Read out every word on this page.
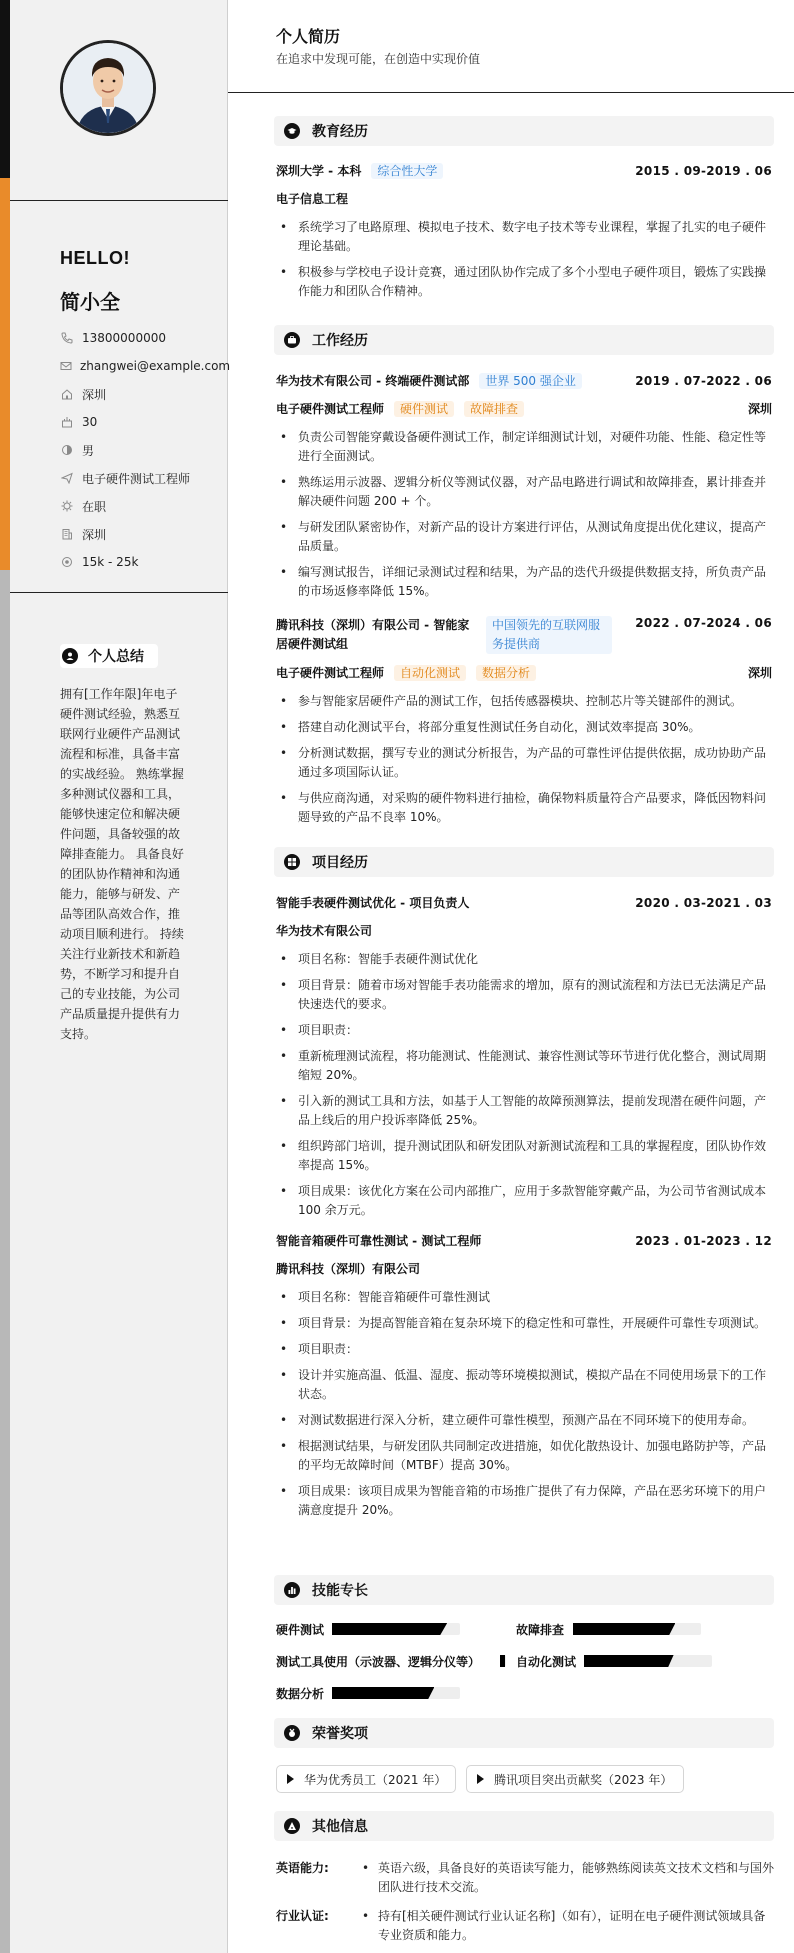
HELLO!
简小全
13800000000
zhangwei@example.com
深圳
30
男
电子硬件测试工程师
在职
深圳
15k - 25k
个人总结
拥有[工作年限]年电子硬件测试经验，熟悉互联网行业硬件产品测试流程和标准，具备丰富的实战经验。 熟练掌握多种测试仪器和工具，能够快速定位和解决硬件问题，具备较强的故障排查能力。 具备良好的团队协作精神和沟通能力，能够与研发、产品等团队高效合作，推动项目顺利进行。 持续关注行业新技术和新趋势，不断学习和提升自己的专业技能，为公司产品质量提升提供有力支持。
个人简历
在追求中发现可能，在创造中实现价值
教育经历
深圳大学 - 本科 综合性大学	2015 . 09-2019 . 06
电子信息工程
• 系统学习了电路原理、模拟电子技术、数字电子技术等专业课程，掌握了扎实的电子硬件理论基础。
• 积极参与学校电子设计竞赛，通过团队协作完成了多个小型电子硬件项目，锻炼了实践操作能力和团队合作精神。
工作经历
华为技术有限公司 - 终端硬件测试部 世界 500 强企业	2019 . 07-2022 . 06
电子硬件测试工程师 硬件测试 故障排查	深圳
• 负责公司智能穿戴设备硬件测试工作，制定详细测试计划，对硬件功能、性能、稳定性等进行全面测试。
• 熟练运用示波器、逻辑分析仪等测试仪器，对产品电路进行调试和故障排查，累计排查并解决硬件问题 200 + 个。
• 与研发团队紧密协作，对新产品的设计方案进行评估，从测试角度提出优化建议，提高产品质量。
• 编写测试报告，详细记录测试过程和结果，为产品的迭代升级提供数据支持，所负责产品的市场返修率降低 15%。
腾讯科技（深圳）有限公司 - 智能家
居硬件测试组
中国领先的互联网服
务提供商
2022 . 07-2024 . 06
电子硬件测试工程师 自动化测试 数据分析	深圳
• 参与智能家居硬件产品的测试工作，包括传感器模块、控制芯片等关键部件的测试。
• 搭建自动化测试平台，将部分重复性测试任务自动化，测试效率提高 30%。
• 分析测试数据，撰写专业的测试分析报告，为产品的可靠性评估提供依据，成功协助产品通过多项国际认证。
• 与供应商沟通，对采购的硬件物料进行抽检，确保物料质量符合产品要求，降低因物料问题导致的产品不良率 10%。
项目经历
智能手表硬件测试优化 - 项目负责人	2020 . 03-2021 . 03
华为技术有限公司
• 项目名称：智能手表硬件测试优化
• 项目背景：随着市场对智能手表功能需求的增加，原有的测试流程和方法已无法满足产品快速迭代的要求。
• 项目职责：
• 重新梳理测试流程，将功能测试、性能测试、兼容性测试等环节进行优化整合，测试周期缩短 20%。
• 引入新的测试工具和方法，如基于人工智能的故障预测算法，提前发现潜在硬件问题，产品上线后的用户投诉率降低 25%。
• 组织跨部门培训，提升测试团队和研发团队对新测试流程和工具的掌握程度，团队协作效率提高 15%。
• 项目成果：该优化方案在公司内部推广，应用于多款智能穿戴产品，为公司节省测试成本 100 余万元。
智能音箱硬件可靠性测试 - 测试工程师	2023 . 01-2023 . 12
腾讯科技（深圳）有限公司
• 项目名称：智能音箱硬件可靠性测试
• 项目背景：为提高智能音箱在复杂环境下的稳定性和可靠性，开展硬件可靠性专项测试。
• 项目职责：
• 设计并实施高温、低温、湿度、振动等环境模拟测试，模拟产品在不同使用场景下的工作状态。
• 对测试数据进行深入分析，建立硬件可靠性模型，预测产品在不同环境下的使用寿命。
• 根据测试结果，与研发团队共同制定改进措施，如优化散热设计、加强电路防护等，产品的平均无故障时间（MTBF）提高 30%。
• 项目成果：该项目成果为智能音箱的市场推广提供了有力保障，产品在恶劣环境下的用户满意度提升 20%。
技能专长
硬件测试	故障排查
测试工具使用（示波器、逻辑分仪等）	自动化测试
数据分析
荣誉奖项
华为优秀员工（2021 年）	腾讯项目突出贡献奖（2023 年）
其他信息
英语能力:	• 英语六级，具备良好的英语读写能力，能够熟练阅读英文技术文档和与国外团队进行技术交流。
行业认证:	• 持有[相关硬件测试行业认证名称]（如有），证明在电子硬件测试领域具备专业资质和能力。
